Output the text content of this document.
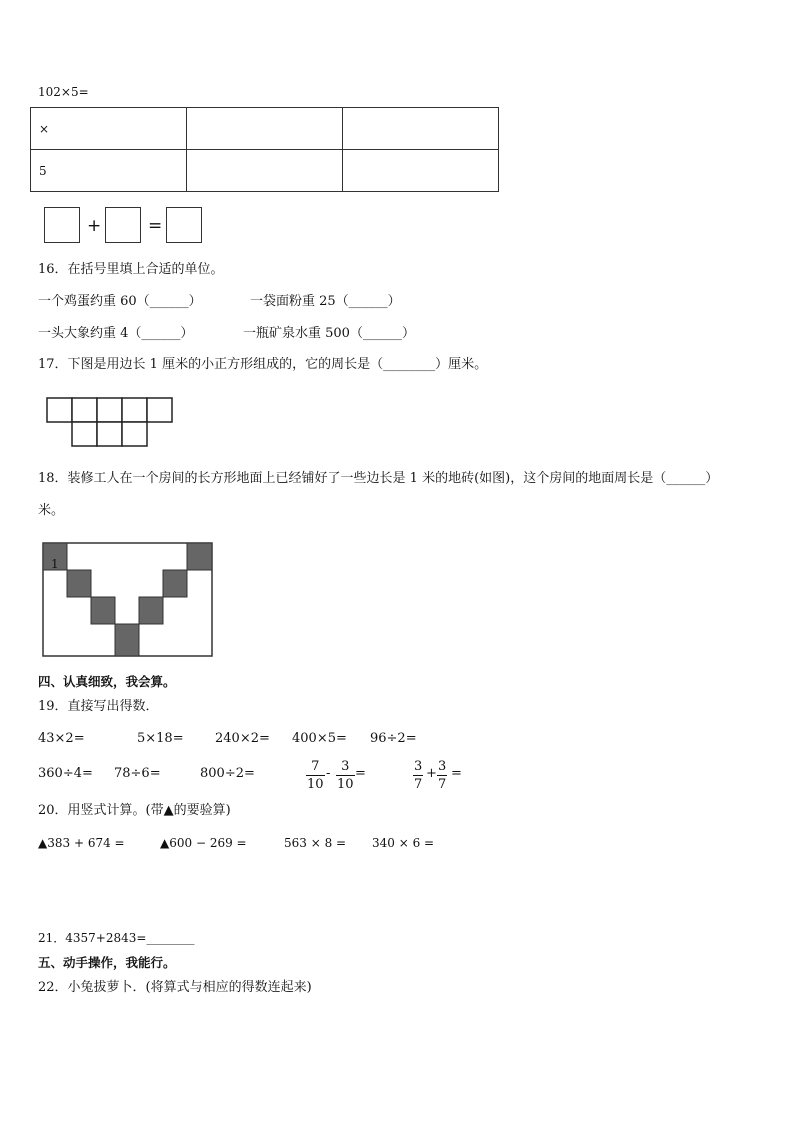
102×5=
×		
5		
+	=
16．在括号里填上合适的单位。
一个鸡蛋约重 60（______）	一袋面粉重 25（______）
一头大象约重 4（______）	一瓶矿泉水重 500（______）
17．下图是用边长 1 厘米的小正方形组成的，它的周长是（________）厘米。
18．装修工人在一个房间的长方形地面上已经铺好了一些边长是 1 米的地砖(如图)，这个房间的地面周长是（______）
米。
1
四、认真细致，我会算。
19．直接写出得数．
43×2=	5×18= 240×2= 400×5= 96÷2=
360÷4= 78÷6=	800÷2=	$\frac{7}{10} - \frac{3}{10}$ =	$\frac{3}{7} + \frac{3}{7}$ =
20．用竖式计算。(带▲的要验算)
▲383 + 674 =	▲600 − 269 =	563 × 8 = 340 × 6 =
21．4357+2843=________
五、动手操作，我能行。
22．小兔拔萝卜．(将算式与相应的得数连起来)
